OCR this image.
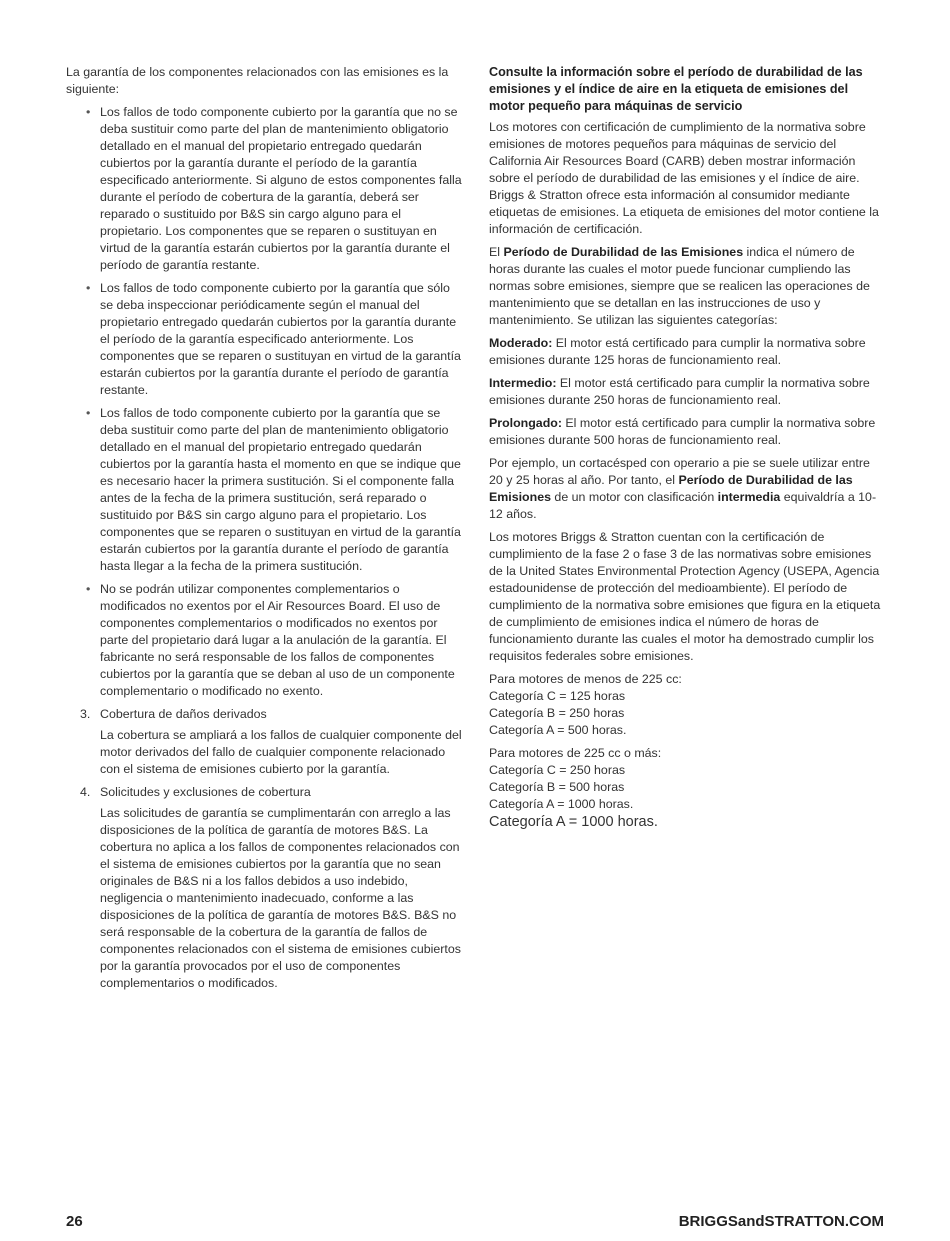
La garantía de los componentes relacionados con las emisiones es la siguiente:

• Los fallos de todo componente cubierto por la garantía que no se deba sustituir como parte del plan de mantenimiento obligatorio detallado en el manual del propietario entregado quedarán cubiertos por la garantía durante el período de la garantía especificado anteriormente. Si alguno de estos componentes falla durante el período de cobertura de la garantía, deberá ser reparado o sustituido por B&S sin cargo alguno para el propietario. Los componentes que se reparen o sustituyan en virtud de la garantía estarán cubiertos por la garantía durante el período de garantía restante.
• Los fallos de todo componente cubierto por la garantía que sólo se deba inspeccionar periódicamente según el manual del propietario entregado quedarán cubiertos por la garantía durante el período de la garantía especificado anteriormente. Los componentes que se reparen o sustituyan en virtud de la garantía estarán cubiertos por la garantía durante el período de garantía restante.
• Los fallos de todo componente cubierto por la garantía que se deba sustituir como parte del plan de mantenimiento obligatorio detallado en el manual del propietario entregado quedarán cubiertos por la garantía hasta el momento en que se indique que es necesario hacer la primera sustitución. Si el componente falla antes de la fecha de la primera sustitución, será reparado o sustituido por B&S sin cargo alguno para el propietario. Los componentes que se reparen o sustituyan en virtud de la garantía estarán cubiertos por la garantía durante el período de garantía hasta llegar a la fecha de la primera sustitución.
• No se podrán utilizar componentes complementarios o modificados no exentos por el Air Resources Board. El uso de componentes complementarios o modificados no exentos por parte del propietario dará lugar a la anulación de la garantía. El fabricante no será responsable de los fallos de componentes cubiertos por la garantía que se deban al uso de un componente complementario o modificado no exento.
3. Cobertura de daños derivados

La cobertura se ampliará a los fallos de cualquier componente del motor derivados del fallo de cualquier componente relacionado con el sistema de emisiones cubierto por la garantía.

4. Solicitudes y exclusiones de cobertura

Las solicitudes de garantía se cumplimentarán con arreglo a las disposiciones de la política de garantía de motores B&S. La cobertura no aplica a los fallos de componentes relacionados con el sistema de emisiones cubiertos por la garantía que no sean originales de B&S ni a los fallos debidos a uso indebido, negligencia o mantenimiento inadecuado, conforme a las disposiciones de la política de garantía de motores B&S. B&S no será responsable de la cobertura de la garantía de fallos de componentes relacionados con el sistema de emisiones cubiertos por la garantía provocados por el uso de componentes complementarios o modificados.

Consulte la información sobre el período de durabilidad de las emisiones y el índice de aire en la etiqueta de emisiones del motor pequeño para máquinas de servicio

Los motores con certificación de cumplimiento de la normativa sobre emisiones de motores pequeños para máquinas de servicio del California Air Resources Board (CARB) deben mostrar información sobre el período de durabilidad de las emisiones y el índice de aire. Briggs & Stratton ofrece esta información al consumidor mediante etiquetas de emisiones. La etiqueta de emisiones del motor contiene la información de certificación.

El Período de Durabilidad de las Emisiones indica el número de horas durante las cuales el motor puede funcionar cumpliendo las normas sobre emisiones, siempre que se realicen las operaciones de mantenimiento que se detallan en las instrucciones de uso y mantenimiento. Se utilizan las siguientes categorías:

Moderado: El motor está certificado para cumplir la normativa sobre emisiones durante 125 horas de funcionamiento real.

Intermedio: El motor está certificado para cumplir la normativa sobre emisiones durante 250 horas de funcionamiento real.

Prolongado: El motor está certificado para cumplir la normativa sobre emisiones durante 500 horas de funcionamiento real.

Por ejemplo, un cortacésped con operario a pie se suele utilizar entre 20 y 25 horas al año. Por tanto, el Período de Durabilidad de las Emisiones de un motor con clasificación intermedia equivaldría a 10-12 años.

Los motores Briggs & Stratton cuentan con la certificación de cumplimiento de la fase 2 o fase 3 de las normativas sobre emisiones de la United States Environmental Protection Agency (USEPA, Agencia estadounidense de protección del medioambiente). El período de cumplimiento de la normativa sobre emisiones que figura en la etiqueta de cumplimiento de emisiones indica el número de horas de funcionamiento durante las cuales el motor ha demostrado cumplir los requisitos federales sobre emisiones.

Para motores de menos de 225 cc:

Categoría C = 125 horas

Categoría B = 250 horas

Categoría A = 500 horas.

Para motores de 225 cc o más:

Categoría C = 250 horas

Categoría B = 500 horas

Categoría A = 1000 horas.

Categoría A = 1000 horas.

26	BRIGGSandSTRATTON.COM
